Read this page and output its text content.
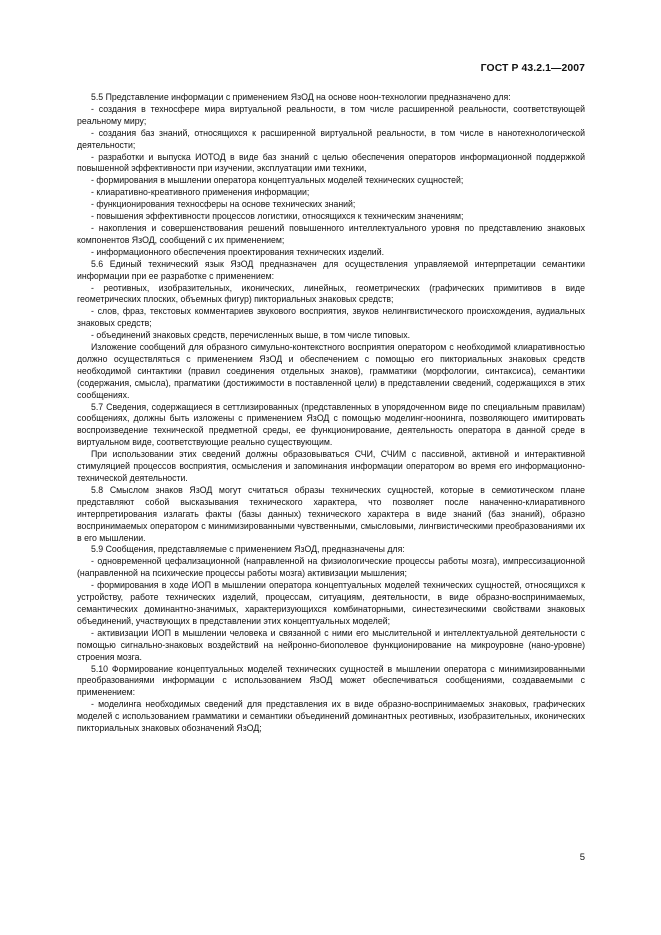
ГОСТ Р 43.2.1—2007

5.5 Представление информации с применением ЯзОД на основе ноон-технологии предназначено для:

- создания в техносфере мира виртуальной реальности, в том числе расширенной реальности, соответствующей реальному миру;

- создания баз знаний, относящихся к расширенной виртуальной реальности, в том числе в нанотехнологической деятельности;

- разработки и выпуска ИОТОД в виде баз знаний с целью обеспечения операторов информационной поддержкой повышенной эффективности при изучении, эксплуатации ими техники,

- формирования в мышлении оператора концептуальных моделей технических сущностей;

- клиаративно-креативного применения информации;

- функционирования техносферы на основе технических знаний;

- повышения эффективности процессов логистики, относящихся к техническим значениям;

- накопления и совершенствования решений повышенного интеллектуального уровня по представлению знаковых компонентов ЯзОД, сообщений с их применением;

- информационного обеспечения проектирования технических изделий.

5.6 Единый технический язык ЯзОД предназначен для осуществления управляемой интерпретации семантики информации при ее разработке с применением:

- реотивных, изобразительных, иконических, линейных, геометрических (графических примитивов в виде геометрических плоских, объемных фигур) пикториальных знаковых средств;

- слов, фраз, текстовых комментариев звукового восприятия, звуков нелингвистического происхождения, аудиальных знаковых средств;

- объединений знаковых средств, перечисленных выше, в том числе типовых.

Изложение сообщений для образного симульно-контекстного восприятия оператором с необходимой клиаративностью должно осуществляться с применением ЯзОД и обеспечением с помощью его пикториальных знаковых средств необходимой синтактики (правил соединения отдельных знаков), грамматики (морфологии, синтаксиса), семантики (содержания, смысла), прагматики (достижимости в поставленной цели) в представлении сведений, содержащихся в этих сообщениях.

5.7 Сведения, содержащиеся в сеттлизированных (представленных в упорядоченном виде по специальным правилам) сообщениях, должны быть изложены с применением ЯзОД с помощью моделинг-ноонинга, позволяющего имитировать воспроизведение технической предметной среды, ее функционирование, деятельность оператора в данной среде в виртуальном виде, соответствующие реально существующим.

При использовании этих сведений должны образовываться СЧИ, СЧИМ с пассивной, активной и интерактивной стимуляцией процессов восприятия, осмысления и запоминания информации оператором во время его информационно-технической деятельности.

5.8 Смыслом знаков ЯзОД могут считаться образы технических сущностей, которые в семиотическом плане представляют собой высказывания технического характера, что позволяет после наначенно-клиаративного интерпретирования излагать факты (базы данных) технического характера в виде знаний (баз знаний), образно воспринимаемых оператором с минимизированными чувственными, смысловыми, лингвистическими преобразованиями их в его мышлении.

5.9 Сообщения, представляемые с применением ЯзОД, предназначены для:

- одновременной цефализационной (направленной на физиологические процессы работы мозга), импрессизационной (направленной на психические процессы работы мозга) активизации мышления;

- формирования в ходе ИОП в мышлении оператора концептуальных моделей технических сущностей, относящихся к устройству, работе технических изделий, процессам, ситуациям, деятельности, в виде образно-воспринимаемых, семантических доминантно-значимых, характеризующихся комбинаторными, синестезическими свойствами знаковых объединений, участвующих в представлении этих концептуальных моделей;

- активизации ИОП в мышлении человека и связанной с ними его мыслительной и интеллектуальной деятельности с помощью сигнально-знаковых воздействий на нейронно-биополевое функционирование на микроуровне (нано-уровне) строения мозга.

5.10 Формирование концептуальных моделей технических сущностей в мышлении оператора с минимизированными преобразованиями информации с использованием ЯзОД может обеспечиваться сообщениями, создаваемыми с применением:

- моделинга необходимых сведений для представления их в виде образно-воспринимаемых знаковых, графических моделей с использованием грамматики и семантики объединений доминантных реотивных, изобразительных, иконических пикториальных знаковых обозначений ЯзОД;

5
